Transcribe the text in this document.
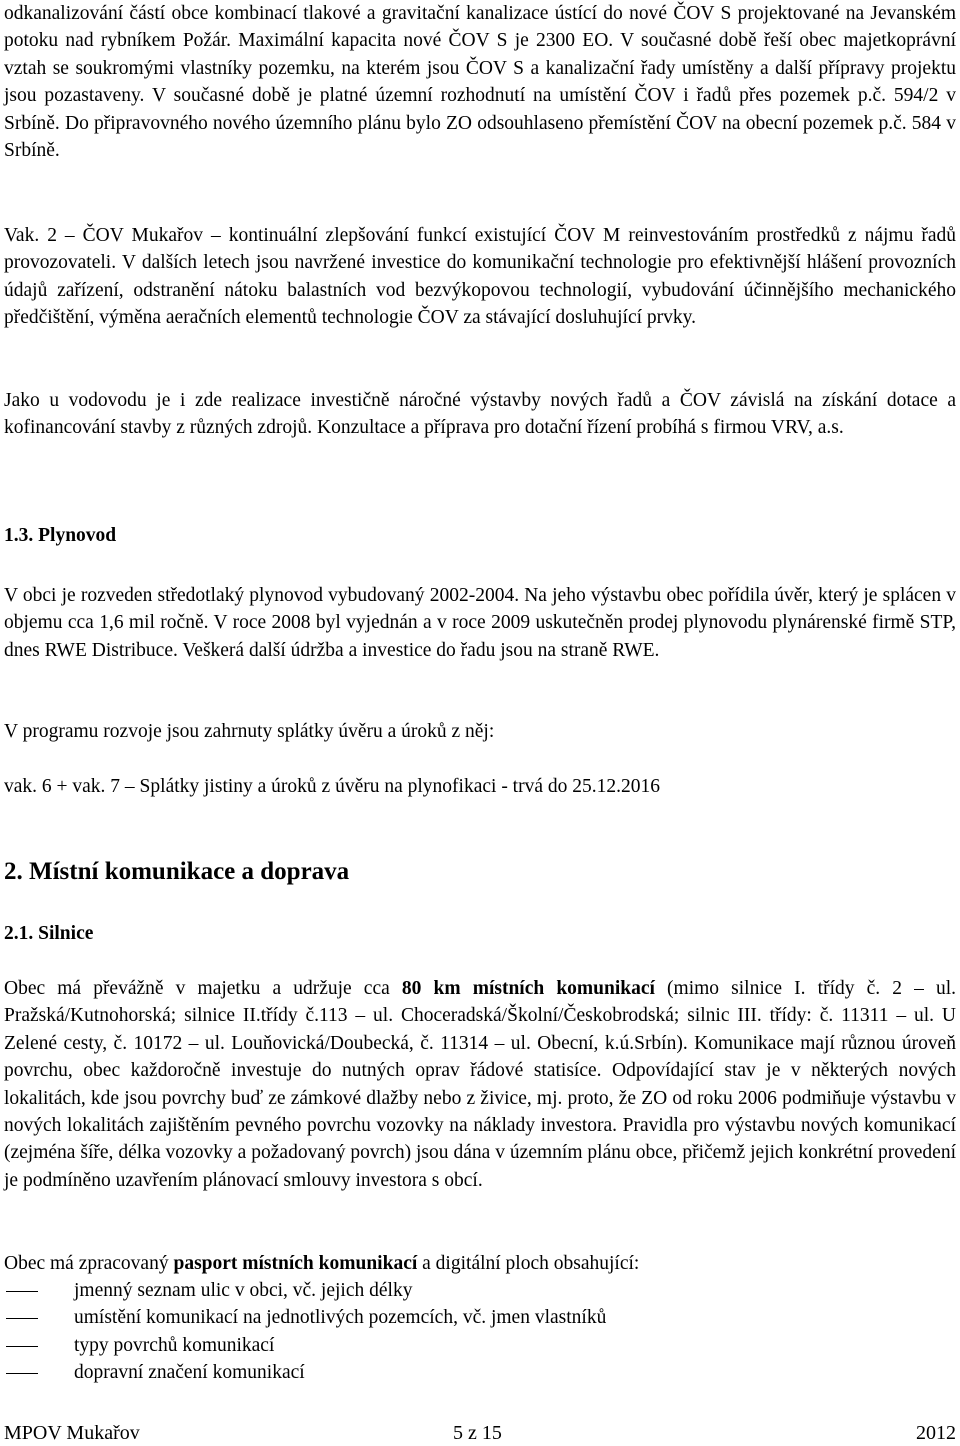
odkanalizování částí obce kombinací tlakové a gravitační kanalizace ústící do nové ČOV S projektované na Jevanském potoku nad rybníkem Požár. Maximální kapacita nové ČOV S je 2300 EO. V současné době řeší obec majetkoprávní vztah se soukromými vlastníky pozemku, na kterém jsou ČOV S a kanalizační řady umístěny a další přípravy projektu jsou pozastaveny. V současné době je platné územní rozhodnutí na umístění ČOV i řadů přes pozemek p.č. 594/2 v Srbíně. Do připravovného nového územního plánu bylo ZO odsouhlaseno přemístění ČOV na obecní pozemek p.č. 584 v Srbíně.

Vak. 2 – ČOV Mukařov – kontinuální zlepšování funkcí existující ČOV M reinvestováním prostředků z nájmu řadů provozovateli. V dalších letech jsou navržené investice do komunikační technologie pro efektivnější hlášení provozních údajů zařízení, odstranění nátoku balastních vod bezvýkopovou technologií, vybudování účinnějšího mechanického předčištění, výměna aeračních elementů technologie ČOV za stávající dosluhující prvky.

Jako u vodovodu je i zde realizace investičně náročné výstavby nových řadů a ČOV závislá na získání dotace a kofinancování stavby z různých zdrojů. Konzultace a příprava pro dotační řízení probíhá s firmou VRV, a.s.

1.3. Plynovod

V obci je rozveden středotlaký plynovod vybudovaný 2002-2004. Na jeho výstavbu obec pořídila úvěr, který je splácen v objemu cca 1,6 mil ročně. V roce 2008 byl vyjednán a v roce 2009 uskutečněn prodej plynovodu plynárenské firmě STP, dnes RWE Distribuce. Veškerá další údržba a investice do řadu jsou na straně RWE.

V programu rozvoje jsou zahrnuty splátky úvěru a úroků z něj:

vak. 6 + vak. 7 – Splátky jistiny a úroků z úvěru na plynofikaci - trvá do 25.12.2016

2. Místní komunikace a doprava
2.1. Silnice

Obec má převážně v majetku a udržuje cca 80 km místních komunikací (mimo silnice I. třídy č. 2 – ul. Pražská/Kutnohorská; silnice II.třídy č.113 – ul. Choceradská/Školní/Českobrodská; silnic III. třídy: č. 11311 – ul. U Zelené cesty, č. 10172 – ul. Louňovická/Doubecká, č. 11314 – ul. Obecní, k.ú.Srbín). Komunikace mají různou úroveň povrchu, obec každoročně investuje do nutných oprav řádové statisíce. Odpovídající stav je v některých nových lokalitách, kde jsou povrchy buď ze zámkové dlažby nebo z živice, mj. proto, že ZO od roku 2006 podmiňuje výstavbu v nových lokalitách zajištěním pevného povrchu vozovky na náklady investora. Pravidla pro výstavbu nových komunikací (zejména šíře, délka vozovky a požadovaný povrch) jsou dána v územním plánu obce, přičemž jejich konkrétní provedení je podmíněno uzavřením plánovací smlouvy investora s obcí.

Obec má zpracovaný pasport místních komunikací a digitální ploch obsahující:

jmenný seznam ulic v obci, vč. jejich délky
umístění komunikací na jednotlivých pozemcích, vč. jmen vlastníků
typy povrchů komunikací
dopravní značení komunikací
MPOV Mukařov	5 z 15	2012
